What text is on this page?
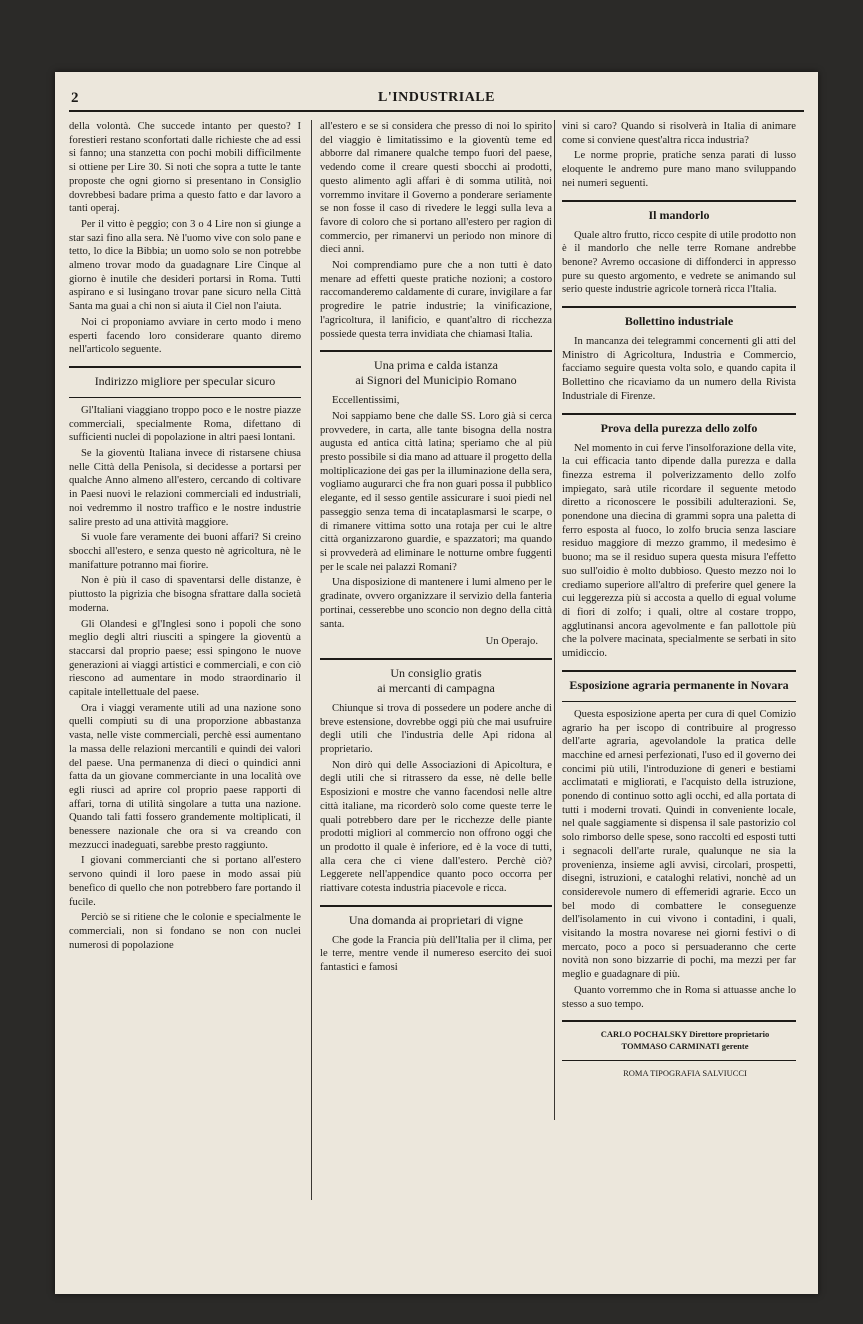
2	L'INDUSTRIALE

della volontà. Che succede intanto per questo? I forestieri restano sconfortati dalle richieste che ad essi si fanno; una stanzetta con pochi mobili difficilmente si ottiene per Lire 30. Si noti che sopra a tutte le tante proposte che ogni giorno si presentano in Consiglio dovrebbesi badare prima a questo fatto e dar lavoro a tanti operaj.

Per il vitto è peggio; con 3 o 4 Lire non si giunge a star sazi fino alla sera. Nè l'uomo vive con solo pane e tetto, lo dice la Bibbia; un uomo solo se non potrebbe almeno trovar modo da guadagnare Lire Cinque al giorno è inutile che desideri portarsi in Roma. Tutti aspirano e si lusingano trovar pane sicuro nella Città Santa ma guai a chi non si aiuta il Ciel non l'aiuta.

Noi ci proponiamo avviare in certo modo i meno esperti facendo loro considerare quanto diremo nell'articolo seguente.

Indirizzo migliore per specular sicuro

Gl'Italiani viaggiano troppo poco e le nostre piazze commerciali, specialmente Roma, difettano di sufficienti nuclei di popolazione in altri paesi lontani.

Se la gioventù Italiana invece di ristarsene chiusa nelle Città della Penisola, si decidesse a portarsi per qualche Anno almeno all'estero, cercando di coltivare in Paesi nuovi le relazioni commerciali ed industriali, noi vedremmo il nostro traffico e le nostre industrie salire presto ad una attività maggiore.

Si vuole fare veramente dei buoni affari? Si creino sbocchi all'estero, e senza questo nè agricoltura, nè le manifatture potranno mai fiorire.

Non è più il caso di spaventarsi delle distanze, è piuttosto la pigrizia che bisogna sfrattare dalla società moderna.

Gli Olandesi e gl'Inglesi sono i popoli che sono meglio degli altri riusciti a spingere la gioventù a staccarsi dal proprio paese; essi spingono le nuove generazioni ai viaggi artistici e commerciali, e con ciò riescono ad aumentare in modo straordinario il capitale intellettuale del paese.

Ora i viaggi veramente utili ad una nazione sono quelli compiuti su di una proporzione abbastanza vasta, nelle viste commerciali, perchè essi aumentano la massa delle relazioni mercantili e quindi dei valori del paese. Una permanenza di dieci o quindici anni fatta da un giovane commerciante in una località ove egli riuscì ad aprire col proprio paese rapporti di affari, torna di utilità singolare a tutta una nazione. Quando tali fatti fossero grandemente moltiplicati, il benessere nazionale che ora si va creando con mezzucci inadeguati, sarebbe presto raggiunto.

I giovani commercianti che si portano all'estero servono quindi il loro paese in modo assai più benefico di quello che non potrebbero fare portando il fucile.

Perciò se si ritiene che le colonie e specialmente le commerciali, non si fondano se non con nuclei numerosi di popolazione

all'estero e se si considera che presso di noi lo spirito del viaggio è limitatissimo e la gioventù teme ed abborre dal rimanere qualche tempo fuori del paese, vedendo come il creare questi sbocchi ai prodotti, questo alimento agli affari è di somma utilità, noi vorremmo invitare il Governo a ponderare seriamente se non fosse il caso di rivedere le leggi sulla leva a favore di coloro che si portano all'estero per ragion di commercio, per rimanervi un periodo non minore di dieci anni.

Noi comprendiamo pure che a non tutti è dato menare ad effetti queste pratiche nozioni; a costoro raccomanderemo caldamente di curare, invigilare a far progredire le patrie industrie; la vinificazione, l'agricoltura, il lanificio, e quant'altro di ricchezza possiede questa terra invidiata che chiamasi Italia.

Una prima e calda istanza
ai Signori del Municipio Romano

Eccellentissimi,

Noi sappiamo bene che dalle SS. Loro già si cerca provvedere, in carta, alle tante bisogna della nostra augusta ed antica città latina; speriamo che al più presto possibile si dia mano ad attuare il progetto della moltiplicazione dei gas per la illuminazione della sera, vogliamo augurarci che fra non guari possa il pubblico elegante, ed il sesso gentile assicurare i suoi piedi nel passeggio senza tema di incataplasmarsi le scarpe, o di rimanere vittima sotto una rotaja per cui le altre città organizzarono guardie, e spazzatori; ma quando si provvederà ad eliminare le notturne ombre fuggenti per le scale nei palazzi Romani?

Una disposizione di mantenere i lumi almeno per le gradinate, ovvero organizzare il servizio della fanteria portinai, cesserebbe uno sconcio non degno della città santa.

Un Operajo.
Un consiglio gratis
ai mercanti di campagna

Chiunque si trova di possedere un podere anche di breve estensione, dovrebbe oggi più che mai usufruire degli utili che l'industria delle Api ridona al proprietario.

Non dirò qui delle Associazioni di Apicoltura, e degli utili che si ritrassero da esse, nè delle belle Esposizioni e mostre che vanno facendosi nelle altre città italiane, ma ricorderò solo come queste terre le quali potrebbero dare per le ricchezze delle piante prodotti migliori al commercio non offrono oggi che un prodotto il quale è inferiore, ed è la voce di tutti, alla cera che ci viene dall'estero. Perchè ciò? Leggerete nell'appendice quanto poco occorra per riattivare cotesta industria piacevole e ricca.

Una domanda ai proprietari di vigne

Che gode la Francia più dell'Italia per il clima, per le terre, mentre vende il numereso esercito dei suoi fantastici e famosi

vini si caro? Quando si risolverà in Italia di animare come si conviene quest'altra ricca industria?

Le norme proprie, pratiche senza parati di lusso eloquente le andremo pure mano mano sviluppando nei numeri seguenti.

Il mandorlo

Quale altro frutto, ricco cespite di utile prodotto non è il mandorlo che nelle terre Romane andrebbe benone? Avremo occasione di diffonderci in appresso pure su questo argomento, e vedrete se animando sul serio queste industrie agricole tornerà ricca l'Italia.

Bollettino industriale

In mancanza dei telegrammi concernenti gli atti del Ministro di Agricoltura, Industria e Commercio, facciamo seguire questa volta solo, e quando capita il Bollettino che ricaviamo da un numero della Rivista Industriale di Firenze.

Prova della purezza dello zolfo

Nel momento in cui ferve l'insolforazione della vite, la cui efficacia tanto dipende dalla purezza e dalla finezza estrema il polverizzamento dello zolfo impiegato, sarà utile ricordare il seguente metodo diretto a riconoscere le possibili adulterazioni. Se, ponendone una diecina di grammi sopra una paletta di ferro esposta al fuoco, lo zolfo brucia senza lasciare residuo maggiore di mezzo grammo, il medesimo è buono; ma se il residuo supera questa misura l'effetto suo sull'oidio è molto dubbioso. Questo mezzo noi lo crediamo superiore all'altro di preferire quel genere la cui leggerezza più si accosta a quello di egual volume di fiori di zolfo; i quali, oltre al costare troppo, agglutinansi ancora agevolmente e fan pallottole più che la polvere macinata, specialmente se serbati in sito umidiccio.

Esposizione agraria permanente in Novara

Questa esposizione aperta per cura di quel Comizio agrario ha per iscopo di contribuire al progresso dell'arte agraria, agevolandole la pratica delle macchine ed arnesi perfezionati, l'uso ed il governo dei concimi più utili, l'introduzione di generi e bestiami acclimatati e migliorati, e l'acquisto della istruzione, ponendo di continuo sotto agli occhi, ed alla portata di tutti i moderni trovati. Quindi in conveniente locale, nel quale saggiamente si dispensa il sale pastorizio col solo rimborso delle spese, sono raccolti ed esposti tutti i segnacoli dell'arte rurale, qualunque ne sia la provenienza, insieme agli avvisi, circolari, prospetti, disegni, istruzioni, e cataloghi relativi, nonchè ad un considerevole numero di effemeridi agrarie. Ecco un bel modo di combattere le conseguenze dell'isolamento in cui vivono i contadini, i quali, visitando la mostra novarese nei giorni festivi o di mercato, poco a poco si persuaderanno che certe novità non sono bizzarrie di pochi, ma mezzi per far meglio e guadagnare di più.

Quanto vorremmo che in Roma si attuasse anche lo stesso a suo tempo.

CARLO POCHALSKY Direttore proprietario

TOMMASO CARMINATI gerente

ROMA TIPOGRAFIA SALVIUCCI
